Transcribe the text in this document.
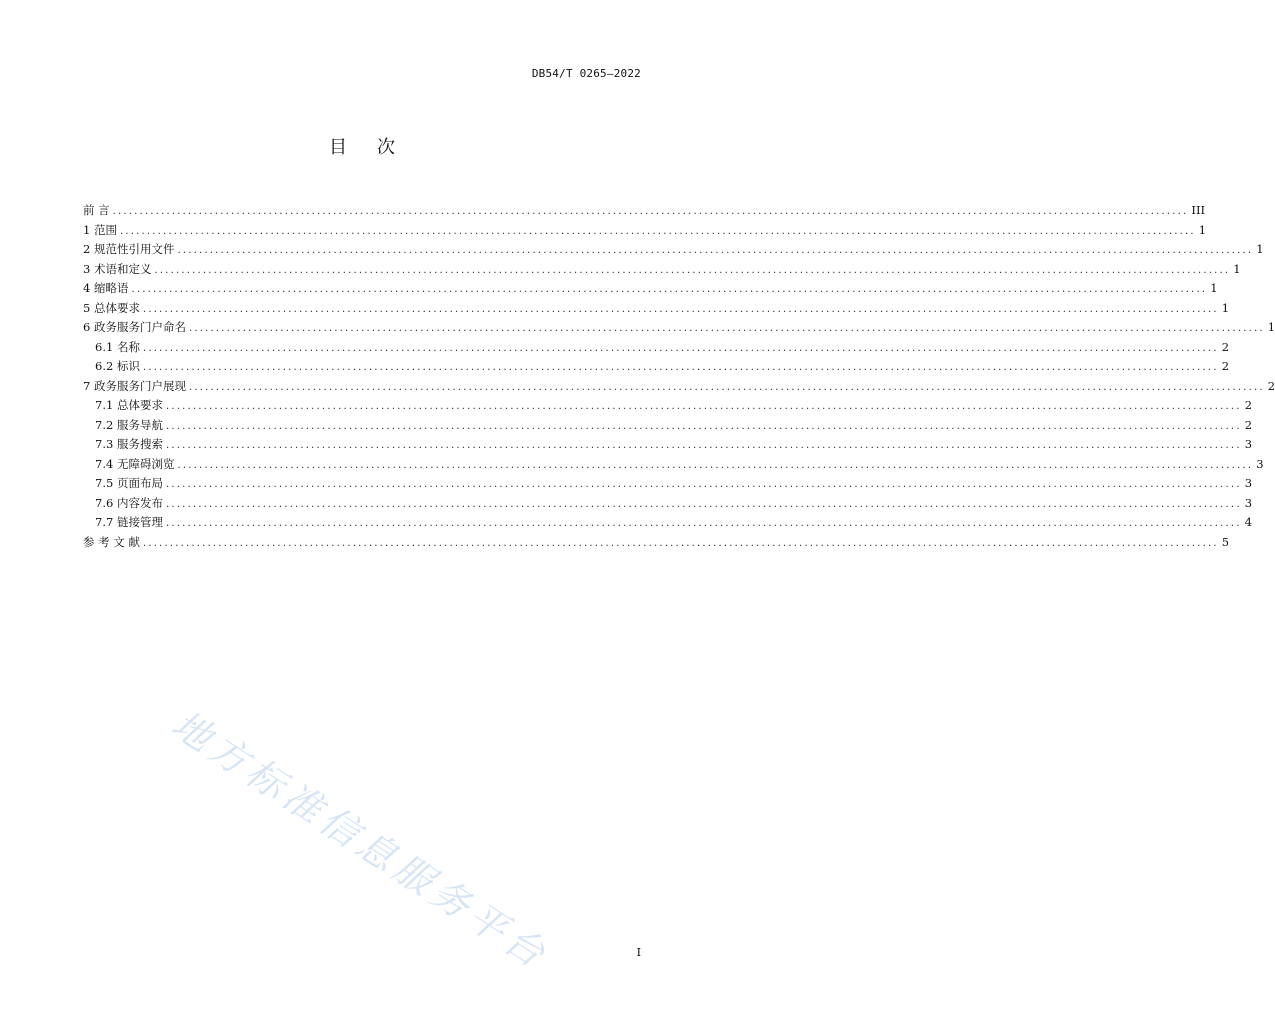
DB54/T 0265—2022
目次
前 言 ........................................................................................................................................................................................................ III
1 范围 ........................................................................................................................................................................................................ 1
2 规范性引用文件 ........................................................................................................................................................................................................ 1
3 术语和定义 ........................................................................................................................................................................................................ 1
4 缩略语 ........................................................................................................................................................................................................ 1
5 总体要求 ........................................................................................................................................................................................................ 1
6 政务服务门户命名 ........................................................................................................................................................................................................ 1
6.1 名称 ........................................................................................................................................................................................................ 2
6.2 标识 ........................................................................................................................................................................................................ 2
7 政务服务门户展现 ........................................................................................................................................................................................................ 2
7.1 总体要求 ........................................................................................................................................................................................................ 2
7.2 服务导航 ........................................................................................................................................................................................................ 2
7.3 服务搜索 ........................................................................................................................................................................................................ 3
7.4 无障碍浏览 ........................................................................................................................................................................................................ 3
7.5 页面布局 ........................................................................................................................................................................................................ 3
7.6 内容发布 ........................................................................................................................................................................................................ 3
7.7 链接管理 ........................................................................................................................................................................................................ 4
参 考 文 献 ........................................................................................................................................................................................................ 5
地方标准信息服务平台	I
